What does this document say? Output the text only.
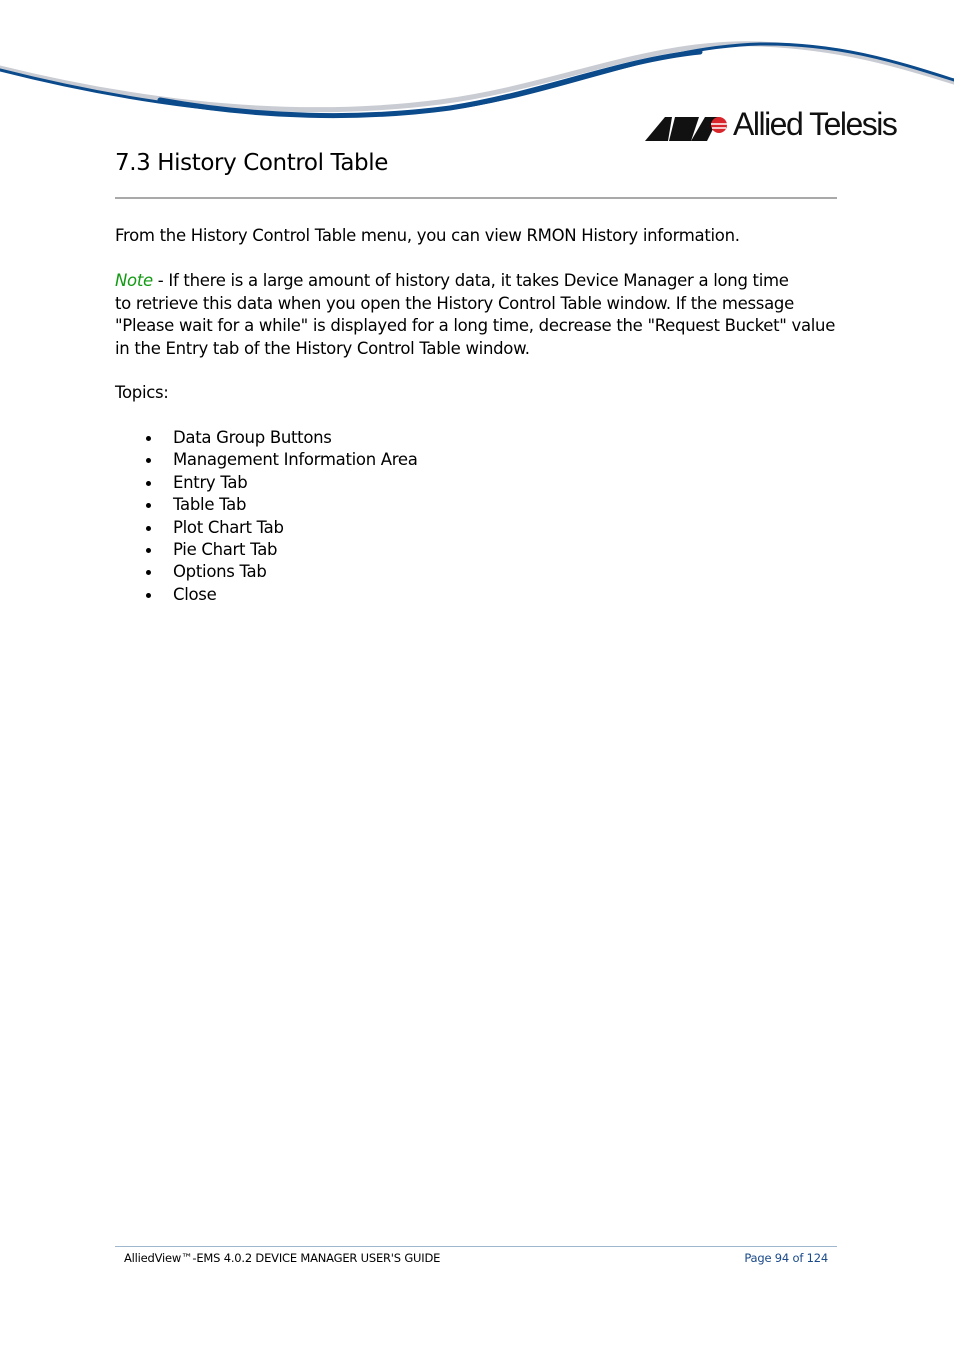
Allied Telesis
7.3 History Control Table

From the History Control Table menu, you can view RMON History information.

Note - If there is a large amount of history data, it takes Device Manager a long time
to retrieve this data when you open the History Control Table window. If the message
"Please wait for a while" is displayed for a long time, decrease the "Request Bucket" value
in the Entry tab of the History Control Table window.

Topics:

Data Group Buttons
Management Information Area
Entry Tab
Table Tab
Plot Chart Tab
Pie Chart Tab
Options Tab
Close
AlliedView™-EMS 4.0.2 DEVICE MANAGER USER'S GUIDE	Page 94 of 124
